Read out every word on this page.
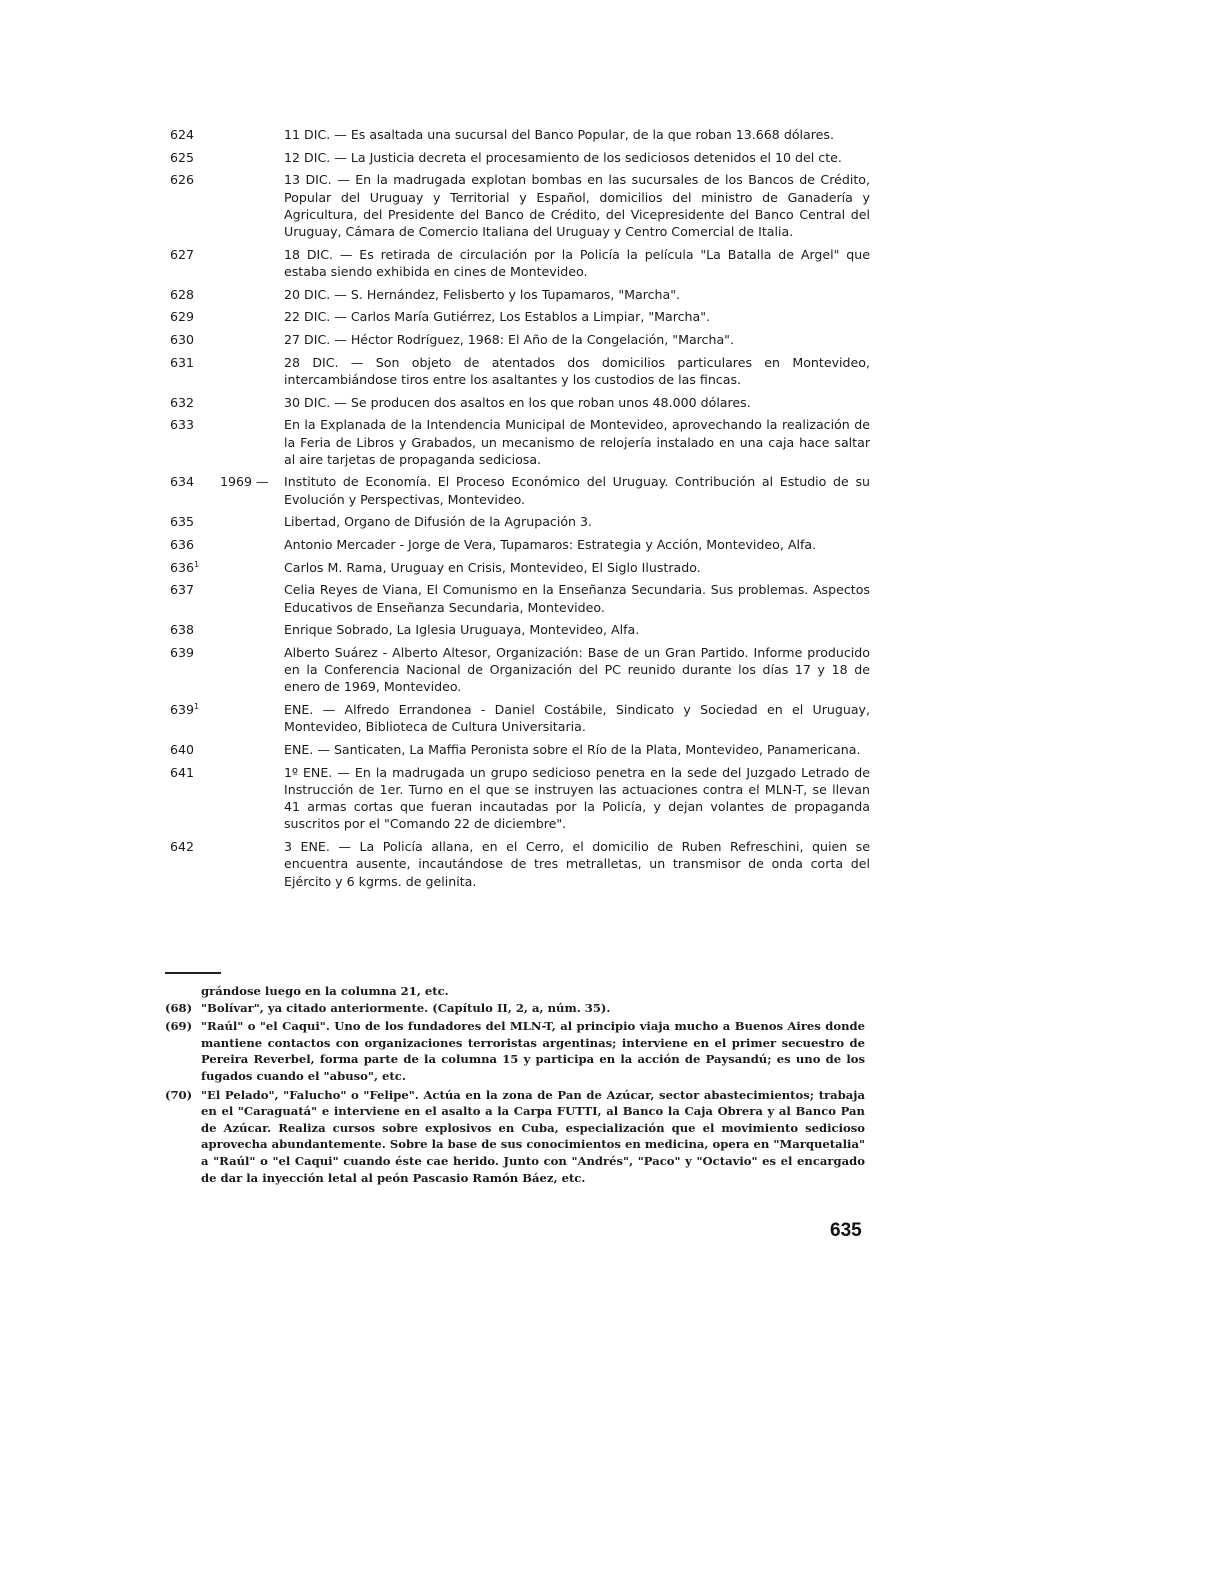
624	11 DIC. — Es asaltada una sucursal del Banco Popular, de la que roban 13.668 dólares.
625	12 DIC. — La Justicia decreta el procesamiento de los sediciosos detenidos el 10 del cte.
626	13 DIC. — En la madrugada explotan bombas en las sucursales de los Bancos de Crédito, Popular del Uruguay y Territorial y Español, domicilios del ministro de Ganadería y Agricultura, del Presidente del Banco de Crédito, del Vicepresidente del Banco Central del Uruguay, Cámara de Comercio Italiana del Uruguay y Centro Comercial de Italia.
627	18 DIC. — Es retirada de circulación por la Policía la película "La Batalla de Argel" que estaba siendo exhibida en cines de Montevideo.
628	20 DIC. — S. Hernández, Felisberto y los Tupamaros, "Marcha".
629	22 DIC. — Carlos María Gutiérrez, Los Establos a Limpiar, "Marcha".
630	27 DIC. — Héctor Rodríguez, 1968: El Año de la Congelación, "Marcha".
631	28 DIC. — Son objeto de atentados dos domicilios particulares en Montevideo, intercambiándose tiros entre los asaltantes y los custodios de las fincas.
632	30 DIC. — Se producen dos asaltos en los que roban unos 48.000 dólares.
633	En la Explanada de la Intendencia Municipal de Montevideo, aprovechando la realización de la Feria de Libros y Grabados, un mecanismo de relojería instalado en una caja hace saltar al aire tarjetas de propaganda sediciosa.
634	1969 —	Instituto de Economía. El Proceso Económico del Uruguay. Contribución al Estudio de su Evolución y Perspectivas, Montevideo.
635	Libertad, Organo de Difusión de la Agrupación 3.
636	Antonio Mercader - Jorge de Vera, Tupamaros: Estrategia y Acción, Montevideo, Alfa.
$636^1$	Carlos M. Rama, Uruguay en Crisis, Montevideo, El Siglo Ilustrado.
637	Celia Reyes de Viana, El Comunismo en la Enseñanza Secundaria. Sus problemas. Aspectos Educativos de Enseñanza Secundaria, Montevideo.
638	Enrique Sobrado, La Iglesia Uruguaya, Montevideo, Alfa.
639	Alberto Suárez - Alberto Altesor, Organización: Base de un Gran Partido. Informe producido en la Conferencia Nacional de Organización del PC reunido durante los días 17 y 18 de enero de 1969, Montevideo.
$639^1$	ENE. — Alfredo Errandonea - Daniel Costábile, Sindicato y Sociedad en el Uruguay, Montevideo, Biblioteca de Cultura Universitaria.
640	ENE. — Santicaten, La Maffia Peronista sobre el Río de la Plata, Montevideo, Panamericana.
641	1º ENE. — En la madrugada un grupo sedicioso penetra en la sede del Juzgado Letrado de Instrucción de 1er. Turno en el que se instruyen las actuaciones contra el MLN-T, se llevan 41 armas cortas que fueran incautadas por la Policía, y dejan volantes de propaganda suscritos por el "Comando 22 de diciembre".
642	3 ENE. — La Policía allana, en el Cerro, el domicilio de Ruben Refreschini, quien se encuentra ausente, incautándose de tres metralletas, un transmisor de onda corta del Ejército y 6 kgrms. de gelinita.
grándose luego en la columna 21, etc.
(68) "Bolívar", ya citado anteriormente. (Capítulo II, 2, a, núm. 35).
(69) "Raúl" o "el Caqui". Uno de los fundadores del MLN-T, al principio viaja mucho a Buenos Aires donde mantiene contactos con organizaciones terroristas argentinas; interviene en el primer secuestro de Pereira Reverbel, forma parte de la columna 15 y participa en la acción de Paysandú; es uno de los fugados cuando el "abuso", etc.
(70) "El Pelado", "Falucho" o "Felipe". Actúa en la zona de Pan de Azúcar, sector abastecimientos; trabaja en el "Caraguatá" e interviene en el asalto a la Carpa FUTTI, al Banco la Caja Obrera y al Banco Pan de Azúcar. Realiza cursos sobre explosivos en Cuba, especialización que el movimiento sedicioso aprovecha abundantemente. Sobre la base de sus conocimientos en medicina, opera en "Marquetalia" a "Raúl" o "el Caqui" cuando éste cae herido. Junto con "Andrés", "Paco" y "Octavio" es el encargado de dar la inyección letal al peón Pascasio Ramón Báez, etc.
635
